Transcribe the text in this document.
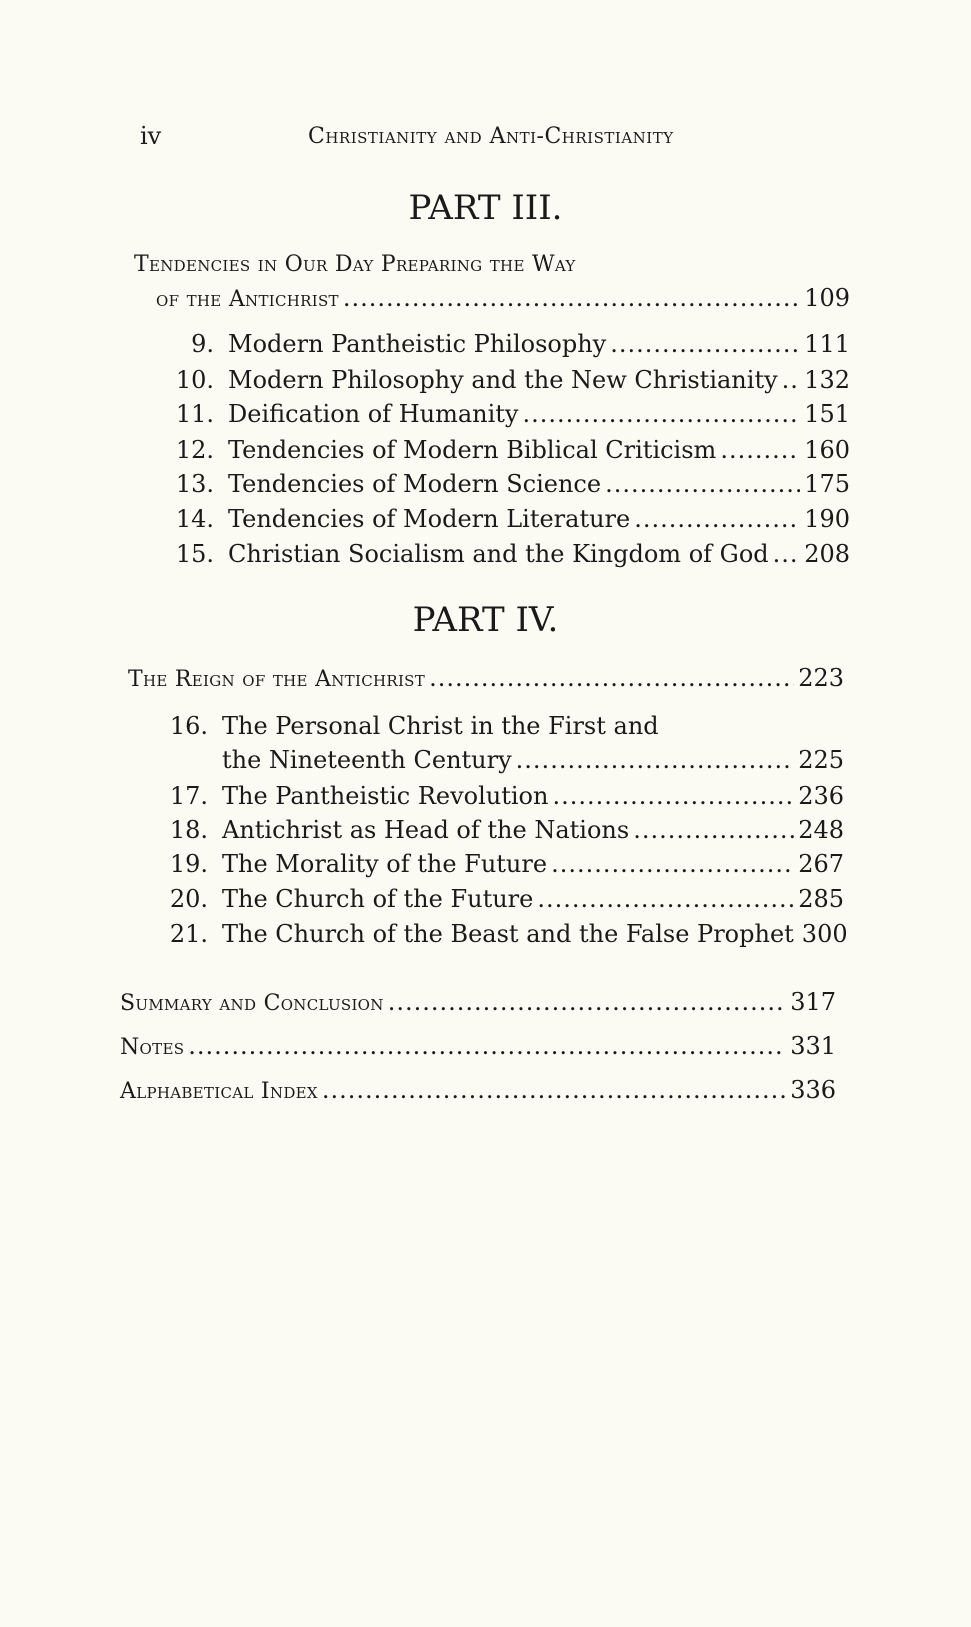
iv	Christianity and Anti-Christianity
PART III.
Tendencies in Our Day Preparing the Way
of the Antichrist .....	109
9. Modern Pantheistic Philosophy .....	111
10. Modern Philosophy and the New Christianity ..... 132
11. Deification of Humanity .....	151
12. Tendencies of Modern Biblical Criticism .....	160
13. Tendencies of Modern Science .....	175
14. Tendencies of Modern Literature .....	190
15. Christian Socialism and the Kingdom of God ..... 208
PART IV.
The Reign of the Antichrist .....	223
16. The Personal Christ in the First and
the Nineteenth Century .....	225
17. The Pantheistic Revolution .....	236
18. Antichrist as Head of the Nations .....	248
19. The Morality of the Future .....	267
20. The Church of the Future .....	285
21. The Church of the Beast and the False Prophet 300
Summary and Conclusion .....	317
Notes .....	331
Alphabetical Index .....	336
